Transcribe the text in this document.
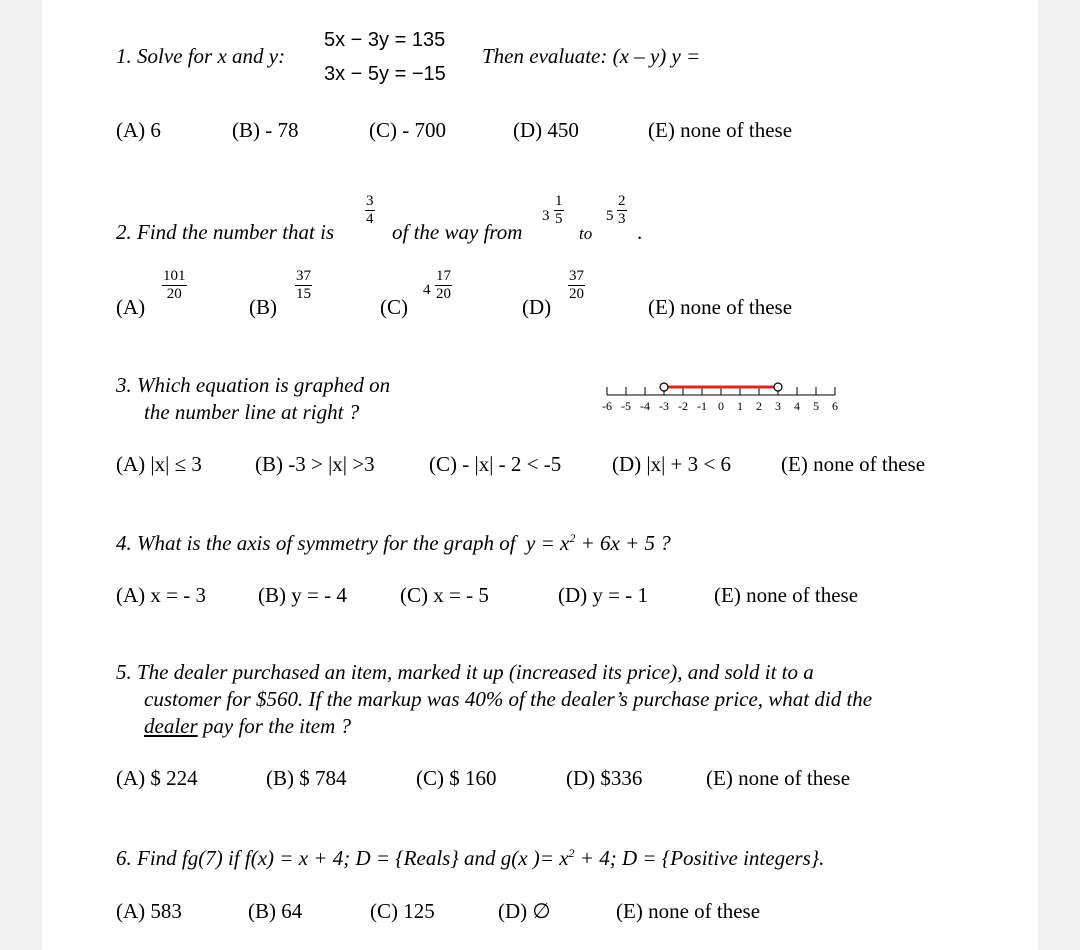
1. Solve for x and y:
5x − 3y = 135
3x − 5y = −15
Then evaluate: (x – y) y =
(A) 6	(B) - 78	(C) - 700	(D) 450	(E) none of these
2. Find the number that is
$\frac{3}{4}$
of the way from
$3 \frac{1}{5}$
to
$5 \frac{2}{3}$
.
(A)
$\frac{101}{20}$
(B)
$\frac{37}{15}$
(C)
$4 \frac{17}{20}$
(D)
$\frac{37}{20}$
(E) none of these
3. Which equation is graphed on
the number line at right ?	-6 -5 -4 -3 -2 -1 0 1 2 3 4 5 6
(A) |x| ≤ 3	(B) -3 > |x| >3	(C) - |x| - 2 < -5 (D) |x| + 3 < 6 (E) none of these
4. What is the axis of symmetry for the graph of $y = x^2 + 6x + 5$ ?
(A) x = - 3 (B) y = - 4	(C) x = - 5	(D) y = - 1	(E) none of these
5. The dealer purchased an item, marked it up (increased its price), and sold it to a
customer for $560. If the markup was 40% of the dealer’s purchase price, what did the
dealer pay for the item ?
(A) $ 224	(B) $ 784	(C) $ 160	(D) $336	(E) none of these
6. Find fg(7) if f(x) = x + 4; D = {Reals} and g(x )= $x^2 + 4$; D = {Positive integers}.
(A) 583	(B) 64	(C) 125	(D) ∅	(E) none of these
